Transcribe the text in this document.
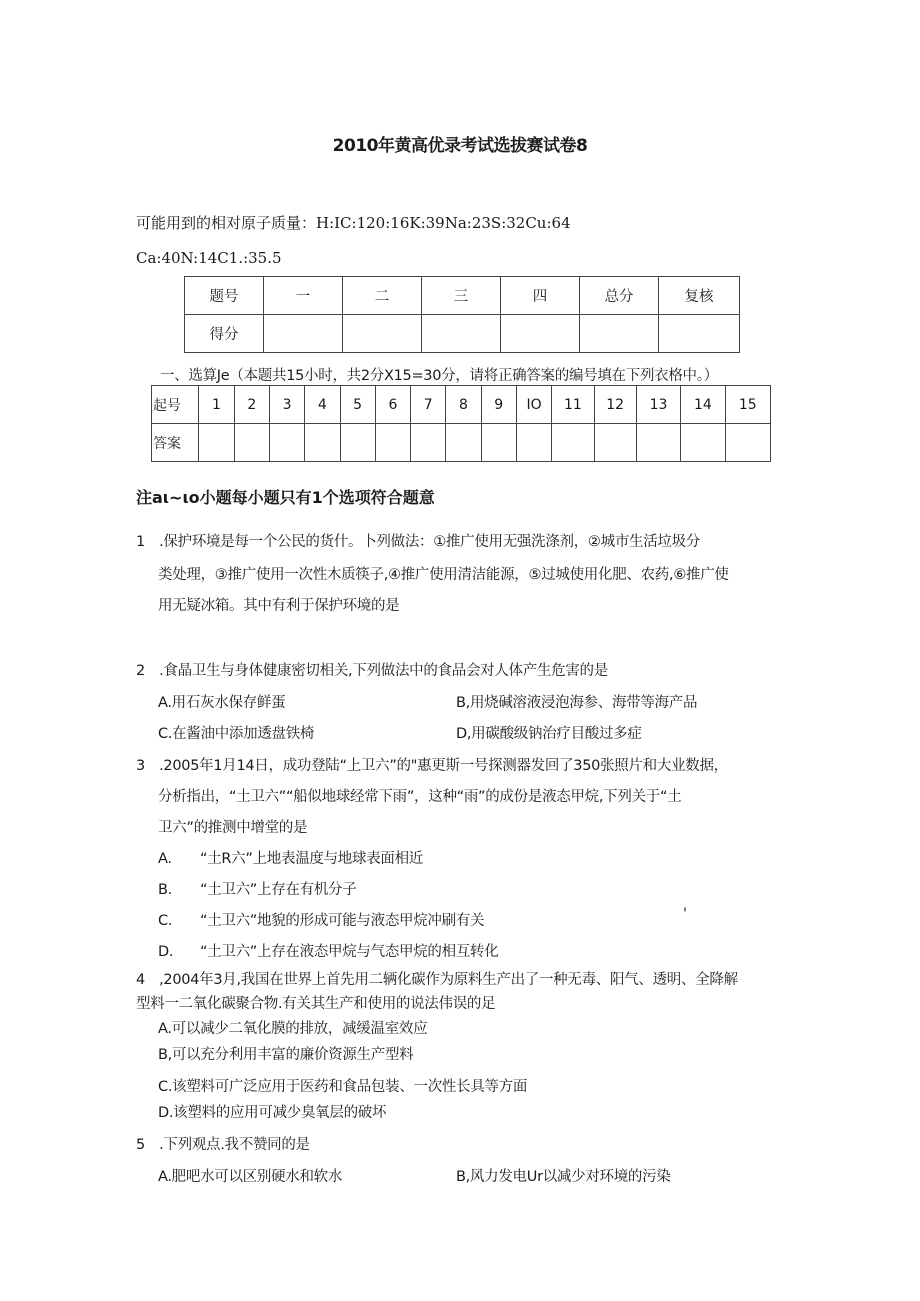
2010年黄高优录考试选拔赛试卷8
可能用到的相对原子质量：H:IC:120:16K:39Na:23S:32Cu:64
Ca:40N:14C1.:35.5
题号	一	二	三	四	总分	复核
得分						
一、选算Je（本题共15小时，共2分X15=30分，请将正确答案的编号填在下列衣格中。）
起号	1	2	3	4	5	6	7	8	9	IO	11	12	13	14	15
答案															
注aι~ιo小题每小题只有1个选项符合题意
1　.保护环境是每一个公民的货什。卜列做法：①推广使用无强洗涤剂，②城市生活垃圾分
类处理，③推广使用一次性木质筷子,④推广使用清洁能源，⑤过城使用化肥、农药,⑥推广使
用无疑冰箱。其中有利于保护环境的是
2　.食晶卫生与身体健康密切相关,下列做法中的食品会对人体产生危害的是
A.用石灰水保存鲜蛋	B,用烧碱溶液浸泡海参、海带等海产品
C.在酱油中添加透盘铁椅	D,用碳酸级钠治疗目酸过多症
3　.2005年1月14日，成功登陆“上卫六”的"惠更斯一号探测器发回了350张照片和大业数据，
分析指出，“土卫六”“船似地球经常下雨”，这种“雨”的成份是液态甲烷,下列关于“土
卫六”的推测中增堂的是
A. “土R六”上地表温度与地球表面相近
B. “土卫六”上存在有机分子
C. “土卫六”地貌的形成可能与液态甲烷冲刷有关	'
D. “土卫六”上存在液态甲烷与气态甲烷的相互转化
4　,2004年3月,我国在世界上首先用二辆化碳作为原料生产出了一种无毒、阳气、透明、全降解
型料一二氧化碳聚合物.有关其生产和使用的说法伟误的足
A.可以减少二氧化膜的排放，减缓温室效应
B,可以充分利用丰富的廉价资源生产型料
C.该塑料可广泛应用于医药和食品包装、一次性长具等方面
D.该塑料的应用可减少臭氧层的破坏
5　.下列观点.我不赞同的是
A.肥吧水可以区别硬水和软水	B,风力发电Ur以减少对环境的污染
